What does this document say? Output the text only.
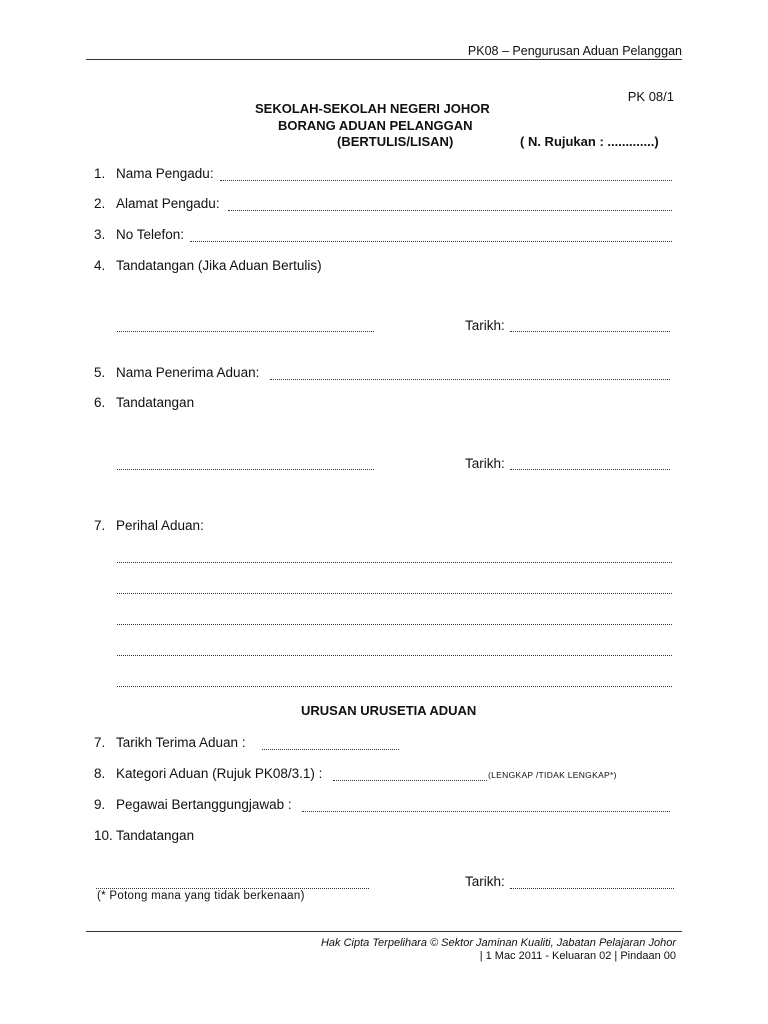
PK08 – Pengurusan Aduan Pelanggan
PK 08/1
SEKOLAH-SEKOLAH NEGERI JOHOR
BORANG ADUAN PELANGGAN
(BERTULIS/LISAN)	( N. Rujukan : .............)
1. Nama Pengadu:
2. Alamat Pengadu:
3. No Telefon:
4. Tandatangan (Jika Aduan Bertulis)
Tarikh:
5. Nama Penerima Aduan:
6. Tandatangan
Tarikh:
7. Perihal Aduan:
URUSAN URUSETIA ADUAN
7. Tarikh Terima Aduan :
8. Kategori Aduan (Rujuk PK08/3.1) :	(LENGKAP /TIDAK LENGKAP*)
9. Pegawai Bertanggungjawab :
10. Tandatangan
Tarikh:
(* Potong mana yang tidak berkenaan)
Hak Cipta Terpelihara © Sektor Jaminan Kualiti, Jabatan Pelajaran Johor
| 1 Mac 2011 - Keluaran 02 | Pindaan 00
